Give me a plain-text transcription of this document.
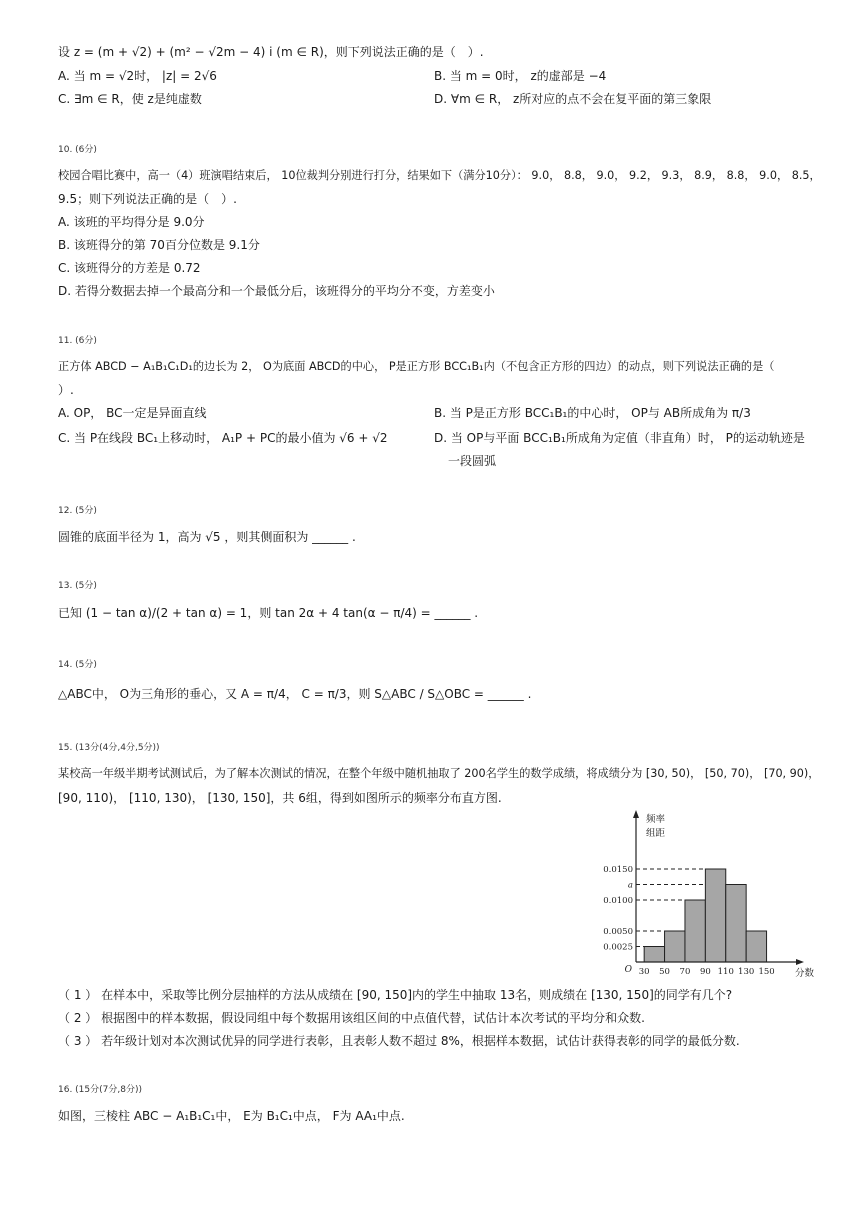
设 z = (m + √2) + (m² − √2m − 4) i (m ∈ R)，则下列说法正确的是（　）.
A. 当 m = √2时， |z| = 2√6	B. 当 m = 0时， z的虚部是 −4
C. ∃m ∈ R，使 z是纯虚数	D. ∀m ∈ R， z所对应的点不会在复平面的第三象限
10. (6分)
校园合唱比赛中，高一（4）班演唱结束后， 10位裁判分别进行打分，结果如下（满分10分）： 9.0， 8.8， 9.0， 9.2， 9.3， 8.9， 8.8， 9.0， 8.5，
9.5；则下列说法正确的是（　）.
A. 该班的平均得分是 9.0分
B. 该班得分的第 70百分位数是 9.1分
C. 该班得分的方差是 0.72
D. 若得分数据去掉一个最高分和一个最低分后，该班得分的平均分不变，方差变小
11. (6分)
正方体 ABCD − A₁B₁C₁D₁的边长为 2， O为底面 ABCD的中心， P是正方形 BCC₁B₁内（不包含正方形的四边）的动点，则下列说法正确的是（
）.
A. OP， BC一定是异面直线	B. 当 P是正方形 BCC₁B₁的中心时， OP与 AB所成角为 π/3
C. 当 P在线段 BC₁上移动时， A₁P + PC的最小值为 √6 + √2	D. 当 OP与平面 BCC₁B₁所成角为定值（非直角）时， P的运动轨迹是
一段圆弧
12. (5分)
圆锥的底面半径为 1，高为 √5 ，则其侧面积为 ______ .
13. (5分)
已知 (1 − tan α)/(2 + tan α) = 1，则 tan 2α + 4 tan(α − π/4) = ______ .
14. (5分)
△ABC中， O为三角形的垂心，又 A = π/4， C = π/3，则 S△ABC / S△OBC = ______ .
15. (13分(4分,4分,5分))
某校高一年级半期考试测试后，为了解本次测试的情况，在整个年级中随机抽取了 200名学生的数学成绩，将成绩分为 [30, 50)， [50, 70)， [70, 90)，
[90, 110)， [110, 130)， [130, 150]，共 6组，得到如图所示的频率分布直方图.
0.0025
0.0050
0.0100
a
0.0150
30 50 70 90 110 130 150
O	分数
频率
组距
（ 1 ） 在样本中，采取等比例分层抽样的方法从成绩在 [90, 150]内的学生中抽取 13名，则成绩在 [130, 150]的同学有几个?
（ 2 ） 根据图中的样本数据，假设同组中每个数据用该组区间的中点值代替，试估计本次考试的平均分和众数.
（ 3 ） 若年级计划对本次测试优异的同学进行表彰，且表彰人数不超过 8%，根据样本数据，试估计获得表彰的同学的最低分数.
16. (15分(7分,8分))
如图，三棱柱 ABC − A₁B₁C₁中， E为 B₁C₁中点， F为 AA₁中点.
